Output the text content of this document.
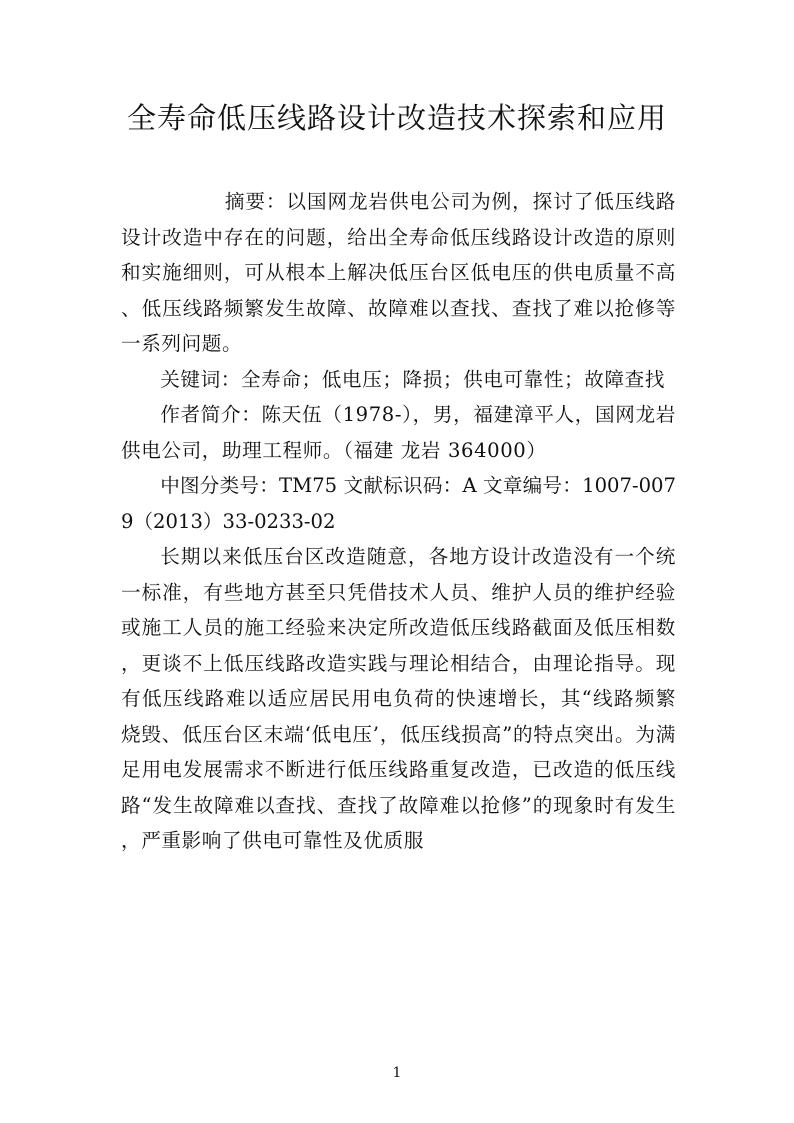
全寿命低压线路设计改造技术探索和应用

摘要：以国网龙岩供电公司为例，探讨了低压线路设计改造中存在的问题，给出全寿命低压线路设计改造的原则和实施细则，可从根本上解决低压台区低电压的供电质量不高、低压线路频繁发生故障、故障难以查找、查找了难以抢修等一系列问题。

关键词：全寿命；低电压；降损；供电可靠性；故障查找

作者简介：陈天伍（1978-），男，福建漳平人，国网龙岩供电公司，助理工程师。（福建 龙岩 364000）

中图分类号：TM75 文献标识码：A 文章编号：1007-0079（2013）33-0233-02

长期以来低压台区改造随意，各地方设计改造没有一个统一标准，有些地方甚至只凭借技术人员、维护人员的维护经验或施工人员的施工经验来决定所改造低压线路截面及低压相数，更谈不上低压线路改造实践与理论相结合，由理论指导。现有低压线路难以适应居民用电负荷的快速增长，其“线路频繁烧毁、低压台区末端‘低电压’，低压线损高”的特点突出。为满足用电发展需求不断进行低压线路重复改造，已改造的低压线路“发生故障难以查找、查找了故障难以抢修”的现象时有发生，严重影响了供电可靠性及优质服

1
